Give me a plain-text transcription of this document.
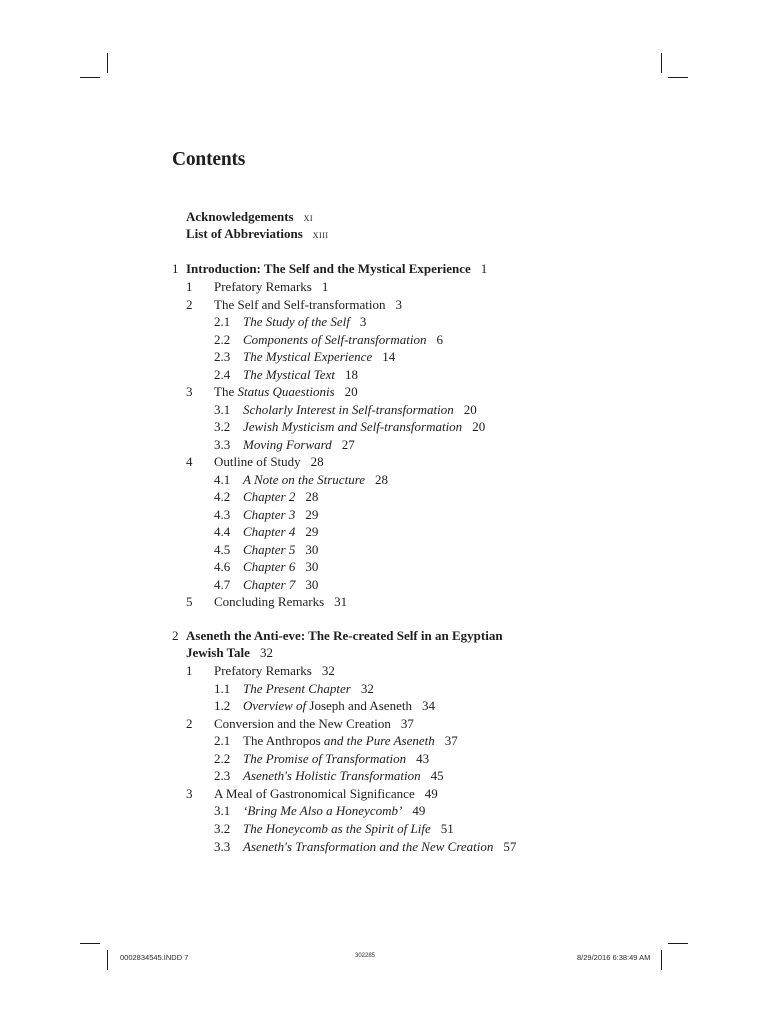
Contents
Acknowledgements xi
List of Abbreviations xiii
1 Introduction: The Self and the Mystical Experience 1
1 Prefatory Remarks 1
2 The Self and Self-transformation 3
2.1 The Study of the Self 3
2.2 Components of Self-transformation 6
2.3 The Mystical Experience 14
2.4 The Mystical Text 18
3 The Status Quaestionis 20
3.1 Scholarly Interest in Self-transformation 20
3.2 Jewish Mysticism and Self-transformation 20
3.3 Moving Forward 27
4 Outline of Study 28
4.1 A Note on the Structure 28
4.2 Chapter 2 28
4.3 Chapter 3 29
4.4 Chapter 4 29
4.5 Chapter 5 30
4.6 Chapter 6 30
4.7 Chapter 7 30
5 Concluding Remarks 31
2 Aseneth the Anti-eve: The Re-created Self in an Egyptian
Jewish Tale 32
1 Prefatory Remarks 32
1.1 The Present Chapter 32
1.2 Overview of Joseph and Aseneth 34
2 Conversion and the New Creation 37
2.1 The Anthropos and the Pure Aseneth 37
2.2 The Promise of Transformation 43
2.3 Aseneth's Holistic Transformation 45
3 A Meal of Gastronomical Significance 49
3.1 ‘Bring Me Also a Honeycomb’ 49
3.2 The Honeycomb as the Spirit of Life 51
3.3 Aseneth's Transformation and the New Creation 57
0002834545.INDD 7	302285	8/29/2016 6:38:49 AM
